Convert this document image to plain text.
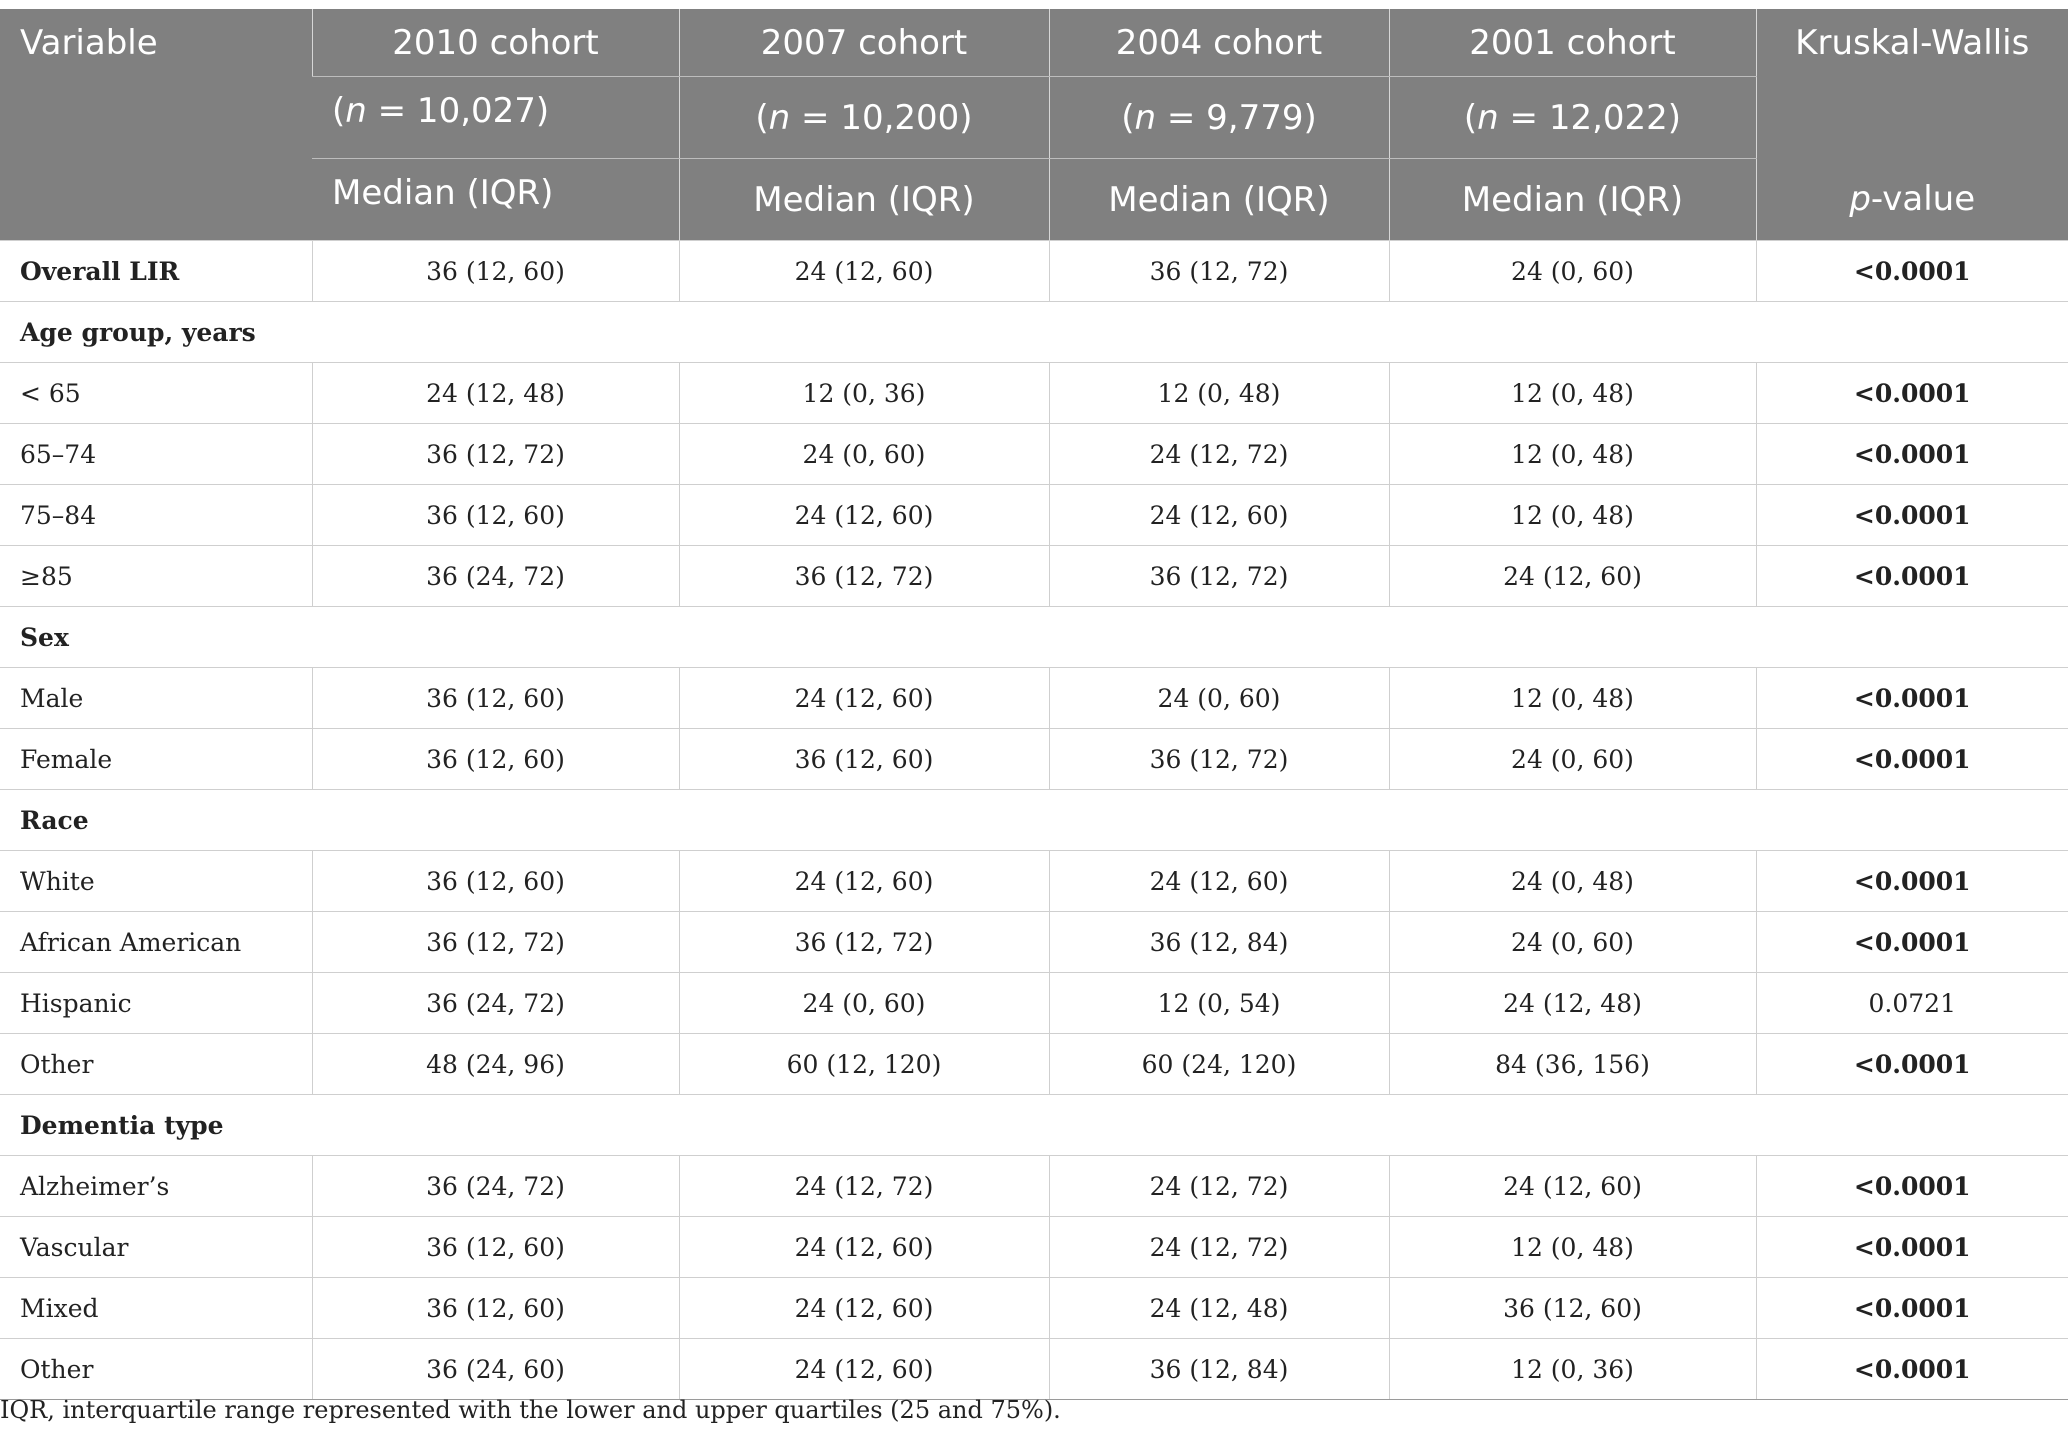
Variable	2010 cohort	2007 cohort	2004 cohort	2001 cohort	Kruskal-Wallis
	(n = 10,027)	(n = 10,200)	(n = 9,779)	(n = 12,022)	
	Median (IQR)	Median (IQR)	Median (IQR)	Median (IQR)	p-value
Overall LIR	36 (12, 60)	24 (12, 60)	36 (12, 72)	24 (0, 60)	<0.0001
Age group, years					
< 65	24 (12, 48)	12 (0, 36)	12 (0, 48)	12 (0, 48)	<0.0001
65–74	36 (12, 72)	24 (0, 60)	24 (12, 72)	12 (0, 48)	<0.0001
75–84	36 (12, 60)	24 (12, 60)	24 (12, 60)	12 (0, 48)	<0.0001
≥85	36 (24, 72)	36 (12, 72)	36 (12, 72)	24 (12, 60)	<0.0001
Sex					
Male	36 (12, 60)	24 (12, 60)	24 (0, 60)	12 (0, 48)	<0.0001
Female	36 (12, 60)	36 (12, 60)	36 (12, 72)	24 (0, 60)	<0.0001
Race					
White	36 (12, 60)	24 (12, 60)	24 (12, 60)	24 (0, 48)	<0.0001
African American	36 (12, 72)	36 (12, 72)	36 (12, 84)	24 (0, 60)	<0.0001
Hispanic	36 (24, 72)	24 (0, 60)	12 (0, 54)	24 (12, 48)	0.0721
Other	48 (24, 96)	60 (12, 120)	60 (24, 120)	84 (36, 156)	<0.0001
Dementia type					
Alzheimer’s	36 (24, 72)	24 (12, 72)	24 (12, 72)	24 (12, 60)	<0.0001
Vascular	36 (12, 60)	24 (12, 60)	24 (12, 72)	12 (0, 48)	<0.0001
Mixed	36 (12, 60)	24 (12, 60)	24 (12, 48)	36 (12, 60)	<0.0001
Other	36 (24, 60)	24 (12, 60)	36 (12, 84)	12 (0, 36)	<0.0001
IQR, interquartile range represented with the lower and upper quartiles (25 and 75%).
